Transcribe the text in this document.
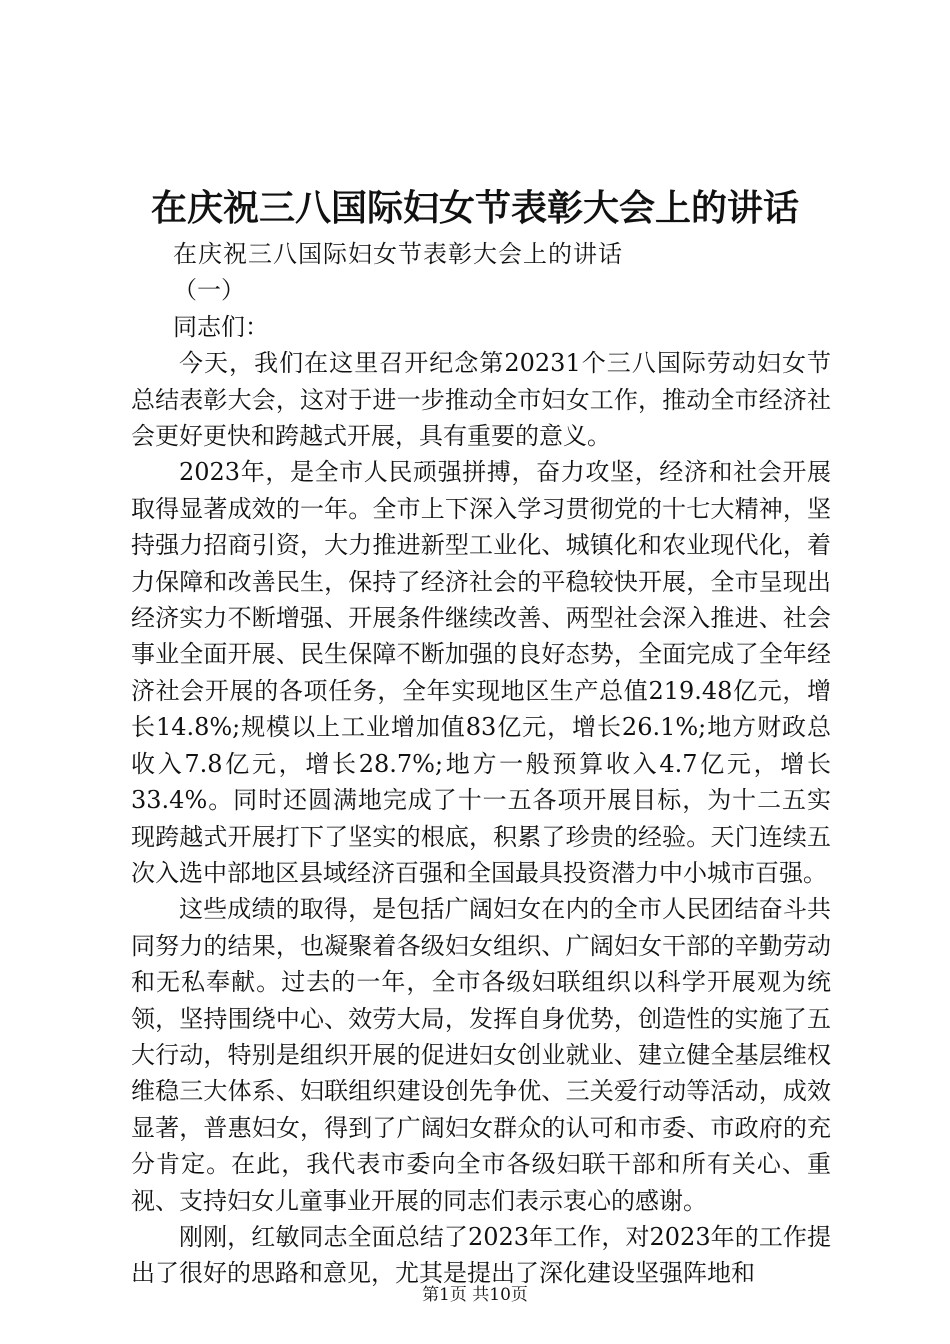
在庆祝三八国际妇女节表彰大会上的讲话

在庆祝三八国际妇女节表彰大会上的讲话

（一）

同志们：

今天，我们在这里召开纪念第20231个三八国际劳动妇女节总结表彰大会，这对于进一步推动全市妇女工作，推动全市经济社会更好更快和跨越式开展，具有重要的意义。

2023年，是全市人民顽强拼搏，奋力攻坚，经济和社会开展取得显著成效的一年。全市上下深入学习贯彻党的十七大精神，坚持强力招商引资，大力推进新型工业化、城镇化和农业现代化，着力保障和改善民生，保持了经济社会的平稳较快开展，全市呈现出经济实力不断增强、开展条件继续改善、两型社会深入推进、社会事业全面开展、民生保障不断加强的良好态势，全面完成了全年经济社会开展的各项任务，全年实现地区生产总值219.48亿元，增长14.8%;规模以上工业增加值83亿元，增长26.1%;地方财政总收入7.8亿元，增长28.7%;地方一般预算收入4.7亿元，增长33.4%。同时还圆满地完成了十一五各项开展目标，为十二五实现跨越式开展打下了坚实的根底，积累了珍贵的经验。天门连续五次入选中部地区县域经济百强和全国最具投资潜力中小城市百强。

这些成绩的取得，是包括广阔妇女在内的全市人民团结奋斗共同努力的结果，也凝聚着各级妇女组织、广阔妇女干部的辛勤劳动和无私奉献。过去的一年，全市各级妇联组织以科学开展观为统领，坚持围绕中心、效劳大局，发挥自身优势，创造性的实施了五大行动，特别是组织开展的促进妇女创业就业、建立健全基层维权维稳三大体系、妇联组织建设创先争优、三关爱行动等活动，成效显著，普惠妇女，得到了广阔妇女群众的认可和市委、市政府的充分肯定。在此，我代表市委向全市各级妇联干部和所有关心、重视、支持妇女儿童事业开展的同志们表示衷心的感谢。

刚刚，红敏同志全面总结了2023年工作，对2023年的工作提出了很好的思路和意见，尤其是提出了深化建设坚强阵地和

第1页 共10页
